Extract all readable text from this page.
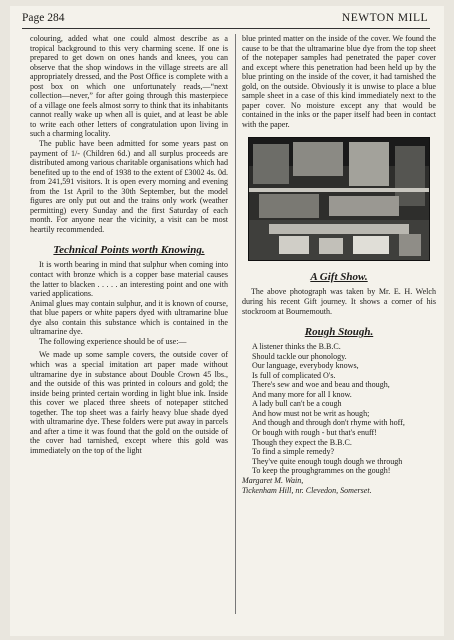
Page 284	NEWTON MILL

colouring, added what one could almost describe as a tropical background to this very charming scene. If one is prepared to get down on ones hands and knees, you can observe that the shop windows in the village streets are all appropriately dressed, and the Post Office is complete with a post box on which one unfortunately reads,—“next collection—never,” for after going through this masterpiece of a village one feels almost sorry to think that its inhabitants cannot really wake up when all is quiet, and at least be able to write each other letters of congratulation upon living in such a charming locality.

The public have been admitted for some years past on payment of 1/- (Children 6d.) and all surplus proceeds are distributed among various charitable organisations which had benefited up to the end of 1938 to the extent of £3002 4s. 0d. from 241,591 visitors. It is open every morning and evening from the 1st April to the 30th September, but the model figures are only put out and the trains only work (weather permitting) every Sunday and the first Saturday of each month. For anyone near the vicinity, a visit can be most heartily recommended.

Technical Points worth Knowing.

It is worth bearing in mind that sulphur when coming into contact with bronze which is a copper base material causes the latter to blacken . . . . . an interesting point and one with varied applications.

Animal glues may contain sulphur, and it is known of course, that blue papers or white papers dyed with ultramarine blue dye also contain this substance which is contained in the ultramarine dye.

The following experience should be of use:—

We made up some sample covers, the outside cover of which was a special imitation art paper made without ultramarine dye in substance about Double Crown 45 lbs., and the outside of this was printed in colours and gold; the inside being printed certain wording in light blue ink. Inside this cover we placed three sheets of notepaper stitched together. The top sheet was a fairly heavy blue shade dyed with ultramarine dye. These folders were put away in parcels and after a time it was found that the gold on the outside of the cover had tarnished, except where this gold was immediately on the top of the light

blue printed matter on the inside of the cover. We found the cause to be that the ultramarine blue dye from the top sheet of the notepaper samples had penetrated the paper cover and except where this penetration had been held up by the blue printing on the inside of the cover, it had tarnished the gold, on the outside. Obviously it is unwise to place a blue sample sheet in a case of this kind immediately next to the paper cover. No moisture except any that would be contained in the inks or the paper itself had been in contact with the paper.

A Gift Show.

The above photograph was taken by Mr. E. H. Welch during his recent Gift journey. It shows a corner of his stockroom at Bournemouth.

Rough Stough.
A listener thinks the B.B.C.
Should tackle our phonology.
Our language, everybody knows,
Is full of complicated O's.
There's sew and woe and beau and though,
And many more for all I know.
A lady bull can't be a cough
And how must not be writ as hough;
And though and through don't rhyme with hoff,
Or bough with rough - but that's enuff!
Though they expect the B.B.C.
To find a simple remedy?
They've quite enough tough dough we through
To keep the proughgrammes on the gough!
Margaret M. Wain,
Tickenham Hill, nr. Clevedon, Somerset.
